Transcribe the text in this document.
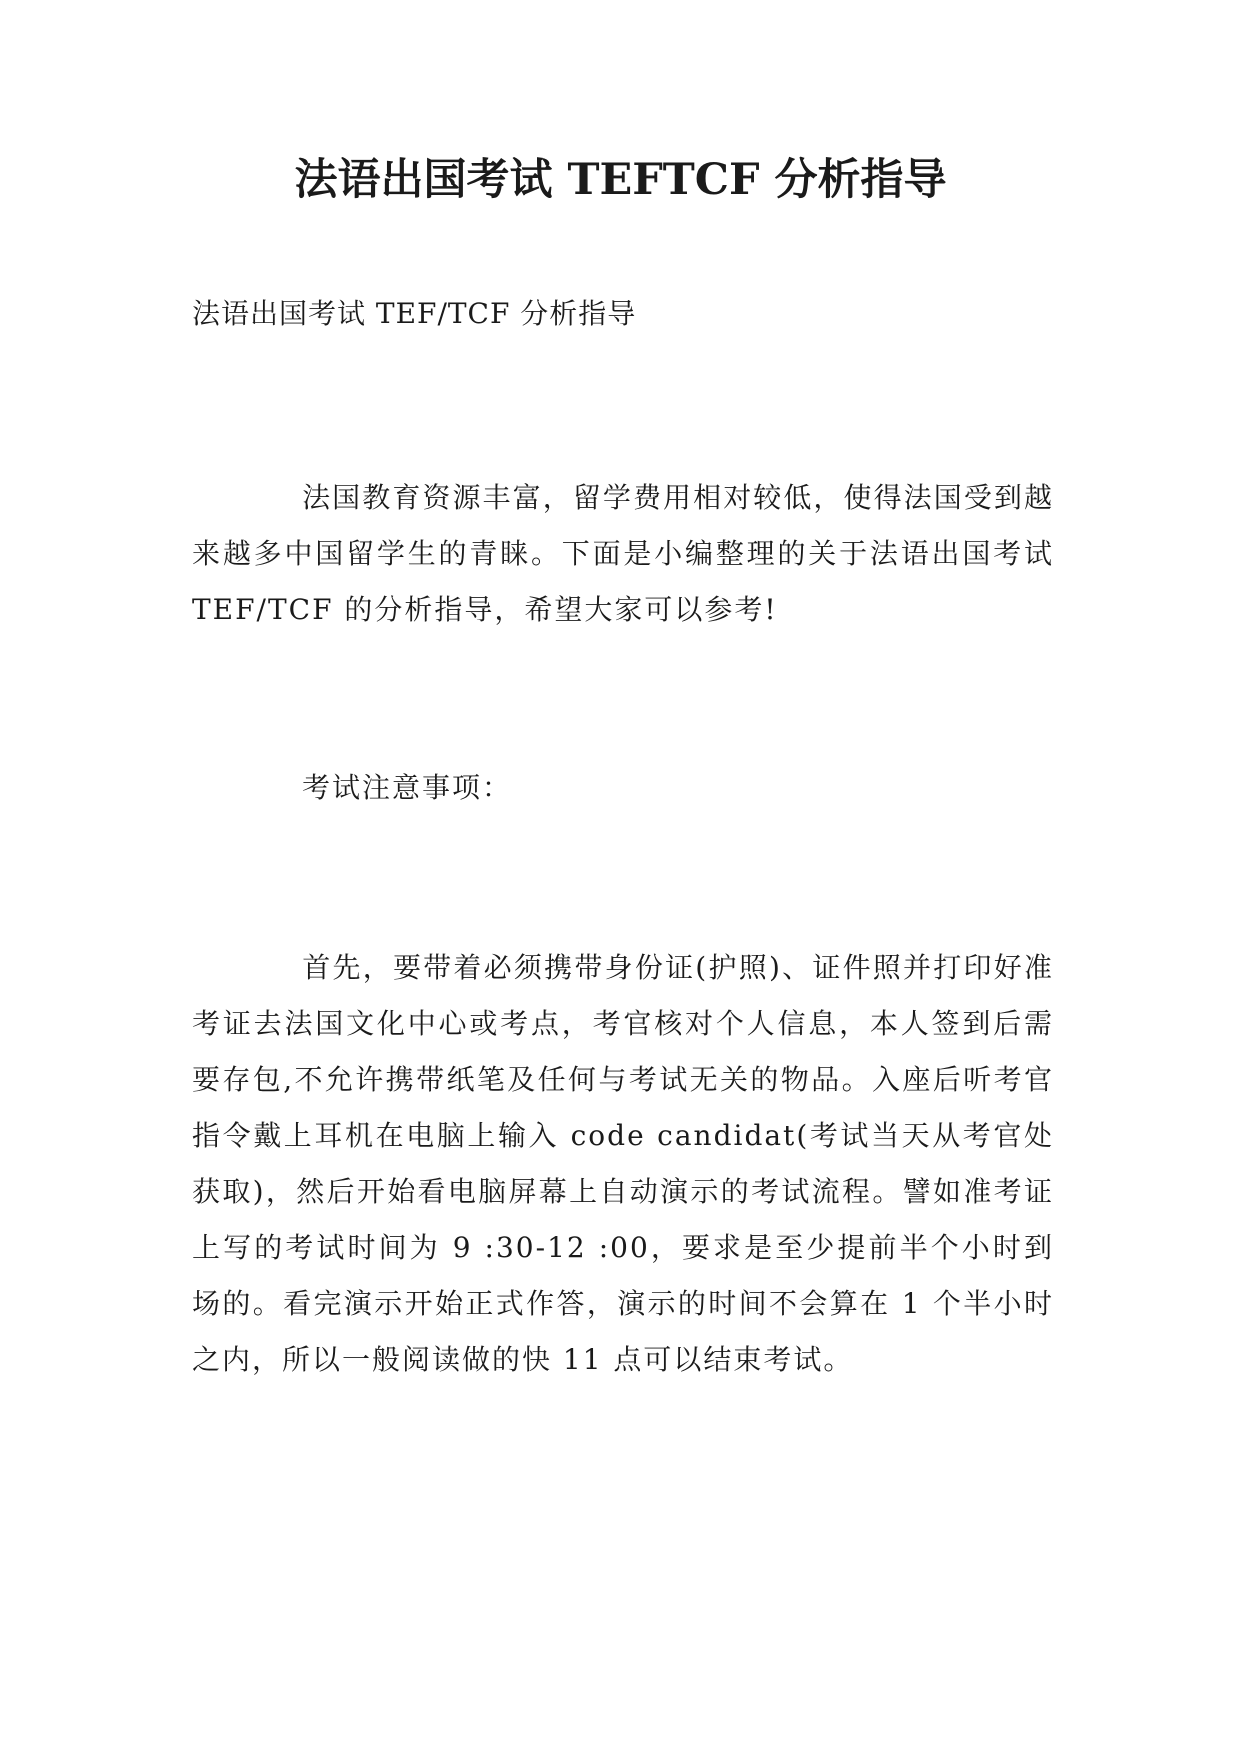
法语出国考试 TEFTCF 分析指导
法语出国考试 TEF/TCF 分析指导
法国教育资源丰富，留学费用相对较低，使得法国受到越来越多中国留学生的青睐。下面是小编整理的关于法语出国考试 TEF/TCF 的分析指导，希望大家可以参考!
考试注意事项：
首先，要带着必须携带身份证(护照)、证件照并打印好准考证去法国文化中心或考点，考官核对个人信息，本人签到后需要存包,不允许携带纸笔及任何与考试无关的物品。入座后听考官指令戴上耳机在电脑上输入 code candidat(考试当天从考官处获取)，然后开始看电脑屏幕上自动演示的考试流程。譬如准考证上写的考试时间为 9 :30-12 :00，要求是至少提前半个小时到场的。看完演示开始正式作答，演示的时间不会算在 1 个半小时之内，所以一般阅读做的快 11 点可以结束考试。
